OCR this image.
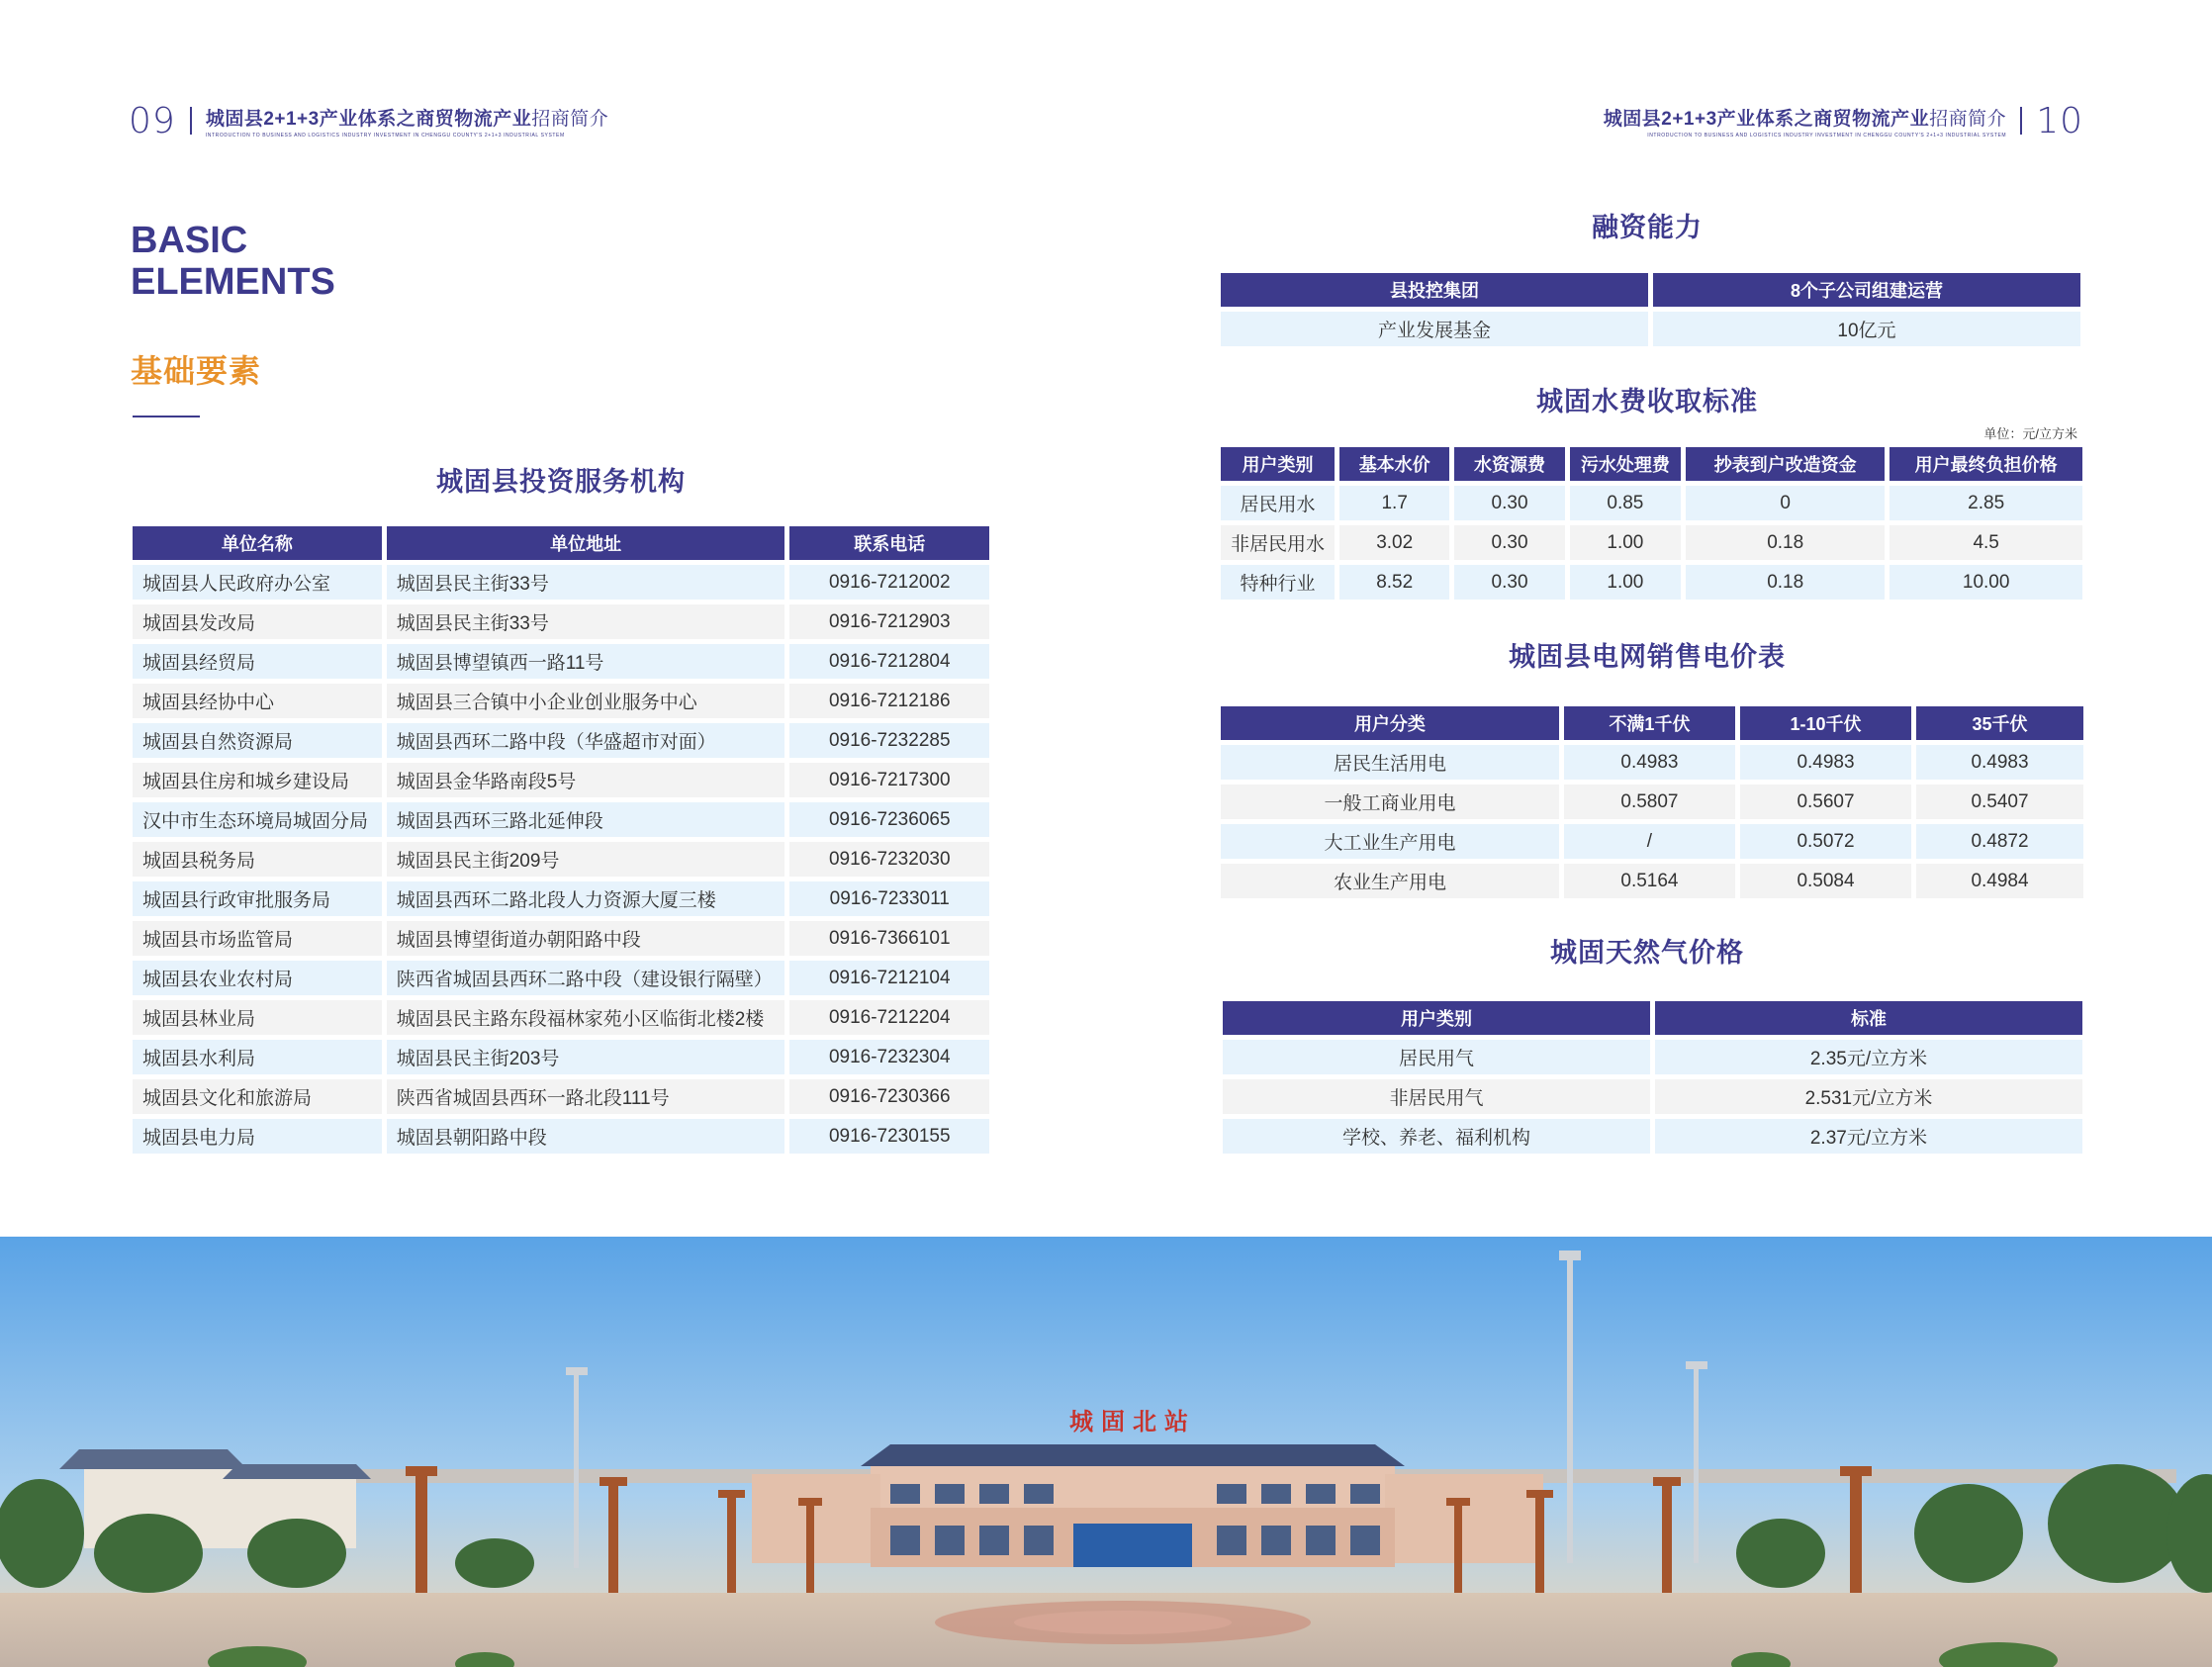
09 城固县2+1+3产业体系之商贸物流产业招商简介
INTRODUCTION TO BUSINESS AND LOGISTICS INDUSTRY INVESTMENT IN CHENGGU COUNTY'S 2+1+3 INDUSTRIAL SYSTEM
城固县2+1+3产业体系之商贸物流产业招商简介
INTRODUCTION TO BUSINESS AND LOGISTICS INDUSTRY INVESTMENT IN CHENGGU COUNTY'S 2+1+3 INDUSTRIAL SYSTEM 10
BASIC
ELEMENTS
基础要素
城固县投资服务机构
单位名称	单位地址	联系电话
城固县人民政府办公室	城固县民主街33号	0916-7212002
城固县发改局	城固县民主街33号	0916-7212903
城固县经贸局	城固县博望镇西一路11号	0916-7212804
城固县经协中心	城固县三合镇中小企业创业服务中心	0916-7212186
城固县自然资源局	城固县西环二路中段（华盛超市对面）	0916-7232285
城固县住房和城乡建设局	城固县金华路南段5号	0916-7217300
汉中市生态环境局城固分局	城固县西环三路北延伸段	0916-7236065
城固县税务局	城固县民主街209号	0916-7232030
城固县行政审批服务局	城固县西环二路北段人力资源大厦三楼	0916-7233011
城固县市场监管局	城固县博望街道办朝阳路中段	0916-7366101
城固县农业农村局	陕西省城固县西环二路中段（建设银行隔壁）	0916-7212104
城固县林业局	城固县民主路东段福林家苑小区临街北楼2楼	0916-7212204
城固县水利局	城固县民主街203号	0916-7232304
城固县文化和旅游局	陕西省城固县西环一路北段111号	0916-7230366
城固县电力局	城固县朝阳路中段	0916-7230155
融资能力
县投控集团	8个子公司组建运营
产业发展基金	10亿元
城固水费收取标准
单位：元/立方米
用户类别	基本水价	水资源费	污水处理费	抄表到户改造资金	用户最终负担价格
居民用水	1.7	0.30	0.85	0	2.85
非居民用水	3.02	0.30	1.00	0.18	4.5
特种行业	8.52	0.30	1.00	0.18	10.00
城固县电网销售电价表
用户分类	不满1千伏	1-10千伏	35千伏
居民生活用电	0.4983	0.4983	0.4983
一般工商业用电	0.5807	0.5607	0.5407
大工业生产用电	/	0.5072	0.4872
农业生产用电	0.5164	0.5084	0.4984
城固天然气价格
用户类别	标准
居民用气	2.35元/立方米
非居民用气	2.531元/立方米
学校、养老、福利机构	2.37元/立方米
城固北站
